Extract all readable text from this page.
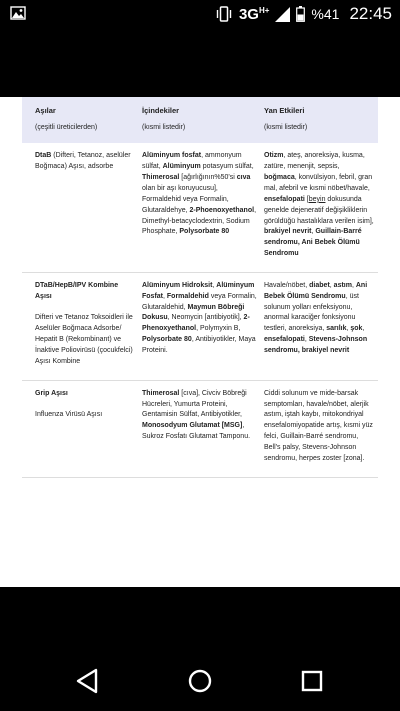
$3G^{H+}$	%41 22:45
Aşılar
(çeşitli üreticilerden)
İçindekiler
(kısmi listedir)
Yan Etkileri
(kısmi listedir)
DtaB (Difteri, Tetanoz, aselüler Boğmaca) Aşısı, adsorbe
Alüminyum fosfat, ammonyum sülfat, Alüminyum potasyum sülfat, Thimerosal [ağırlığının%50'si cıva olan bir aşı koruyucusu], Formaldehid veya Formalin, Glutaraldehye, 2-Phoenoxyethanol, Dimethyl-betacyclodextrin, Sodium Phosphate, Polysorbate 80
Otizm, ateş, anoreksiya, kusma, zatüre, menenjit, sepsis, boğmaca, konvülsiyon, febril, gran mal, afebril ve kısmi nöbet/havale, ensefalopati [beyin dokusunda genelde dejeneratif değişikliklerin görüldüğü hastalıklara verilen isim], brakiyel nevrit, Guillain-Barré sendromu, Ani Bebek Ölümü Sendromu
DTaB/HepB/IPV Kombine Aşısı

Difteri ve Tetanoz Toksoidleri ile Aselüler Boğmaca Adsorbe/ Hepatit B (Rekombinant) ve İnaktive Poliovirüsü (çocukfelci) Aşısı Kombine
Alüminyum Hidroksit, Alüminyum Fosfat, Formaldehid veya Formalin, Glutaraldehid, Maymun Böbreği Dokusu, Neomycin [antibiyotik], 2-Phenoxyethanol, Polymyxin B, Polysorbate 80, Antibiyotikler, Maya Proteini.
Havale/nöbet, diabet, astım, Ani Bebek Ölümü Sendromu, üst solunum yolları enfeksiyonu, anormal karaciğer fonksiyonu testleri, anoreksiya, sarılık, şok, ensefalopati, Stevens-Johnson sendromu, brakiyel nevrit
Grip Aşısı

Influenza Virüsü Aşısı
Thimerosal [cıva], Civciv Böbreği Hücreleri, Yumurta Proteini, Gentamisin Sülfat, Antibiyotikler, Monosodyum Glutamat [MSG], Sukroz Fosfatı Glutamat Tamponu.
Ciddi solunum ve mide-barsak semptomları, havale/nöbet, alerjik astım, iştah kaybı, mitokondriyal ensefalomiyopatide artış, kısmi yüz felci, Guillain-Barré sendromu, Bell's palsy, Stevens-Johnson sendromu, herpes zoster [zona].
